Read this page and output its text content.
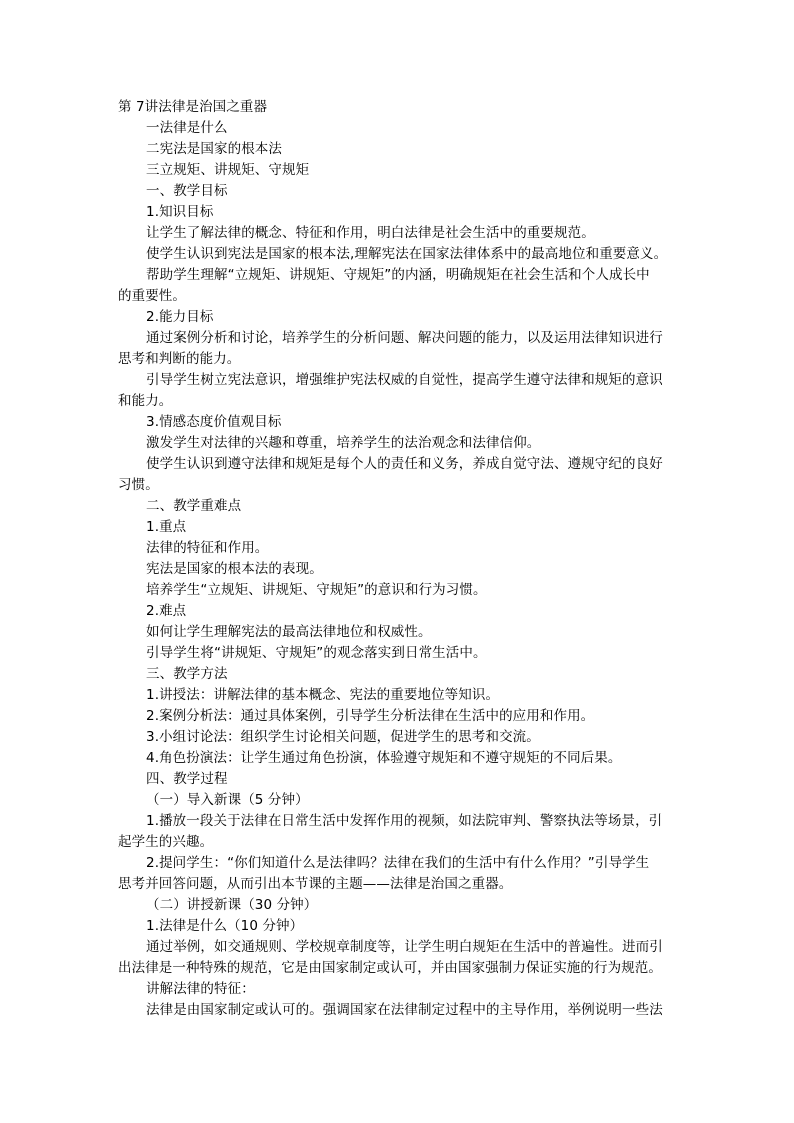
第 7讲法律是治国之重器
一法律是什么
二宪法是国家的根本法
三立规矩、讲规矩、守规矩
一、教学目标
1.知识目标
让学生了解法律的概念、特征和作用，明白法律是社会生活中的重要规范。
使学生认识到宪法是国家的根本法,理解宪法在国家法律体系中的最高地位和重要意义。
帮助学生理解“立规矩、讲规矩、守规矩”的内涵，明确规矩在社会生活和个人成长中
的重要性。
2.能力目标
通过案例分析和讨论，培养学生的分析问题、解决问题的能力，以及运用法律知识进行
思考和判断的能力。
引导学生树立宪法意识，增强维护宪法权威的自觉性，提高学生遵守法律和规矩的意识
和能力。
3.情感态度价值观目标
激发学生对法律的兴趣和尊重，培养学生的法治观念和法律信仰。
使学生认识到遵守法律和规矩是每个人的责任和义务，养成自觉守法、遵规守纪的良好
习惯。
二、教学重难点
1.重点
法律的特征和作用。
宪法是国家的根本法的表现。
培养学生“立规矩、讲规矩、守规矩”的意识和行为习惯。
2.难点
如何让学生理解宪法的最高法律地位和权威性。
引导学生将“讲规矩、守规矩”的观念落实到日常生活中。
三、教学方法
1.讲授法：讲解法律的基本概念、宪法的重要地位等知识。
2.案例分析法：通过具体案例，引导学生分析法律在生活中的应用和作用。
3.小组讨论法：组织学生讨论相关问题，促进学生的思考和交流。
4.角色扮演法：让学生通过角色扮演，体验遵守规矩和不遵守规矩的不同后果。
四、教学过程
（一）导入新课（5 分钟）
1.播放一段关于法律在日常生活中发挥作用的视频，如法院审判、警察执法等场景，引
起学生的兴趣。
2.提问学生：“你们知道什么是法律吗？法律在我们的生活中有什么作用？”引导学生
思考并回答问题，从而引出本节课的主题——法律是治国之重器。
（二）讲授新课（30 分钟）
1.法律是什么（10 分钟）
通过举例，如交通规则、学校规章制度等，让学生明白规矩在生活中的普遍性。进而引
出法律是一种特殊的规范，它是由国家制定或认可，并由国家强制力保证实施的行为规范。
讲解法律的特征：
法律是由国家制定或认可的。强调国家在法律制定过程中的主导作用，举例说明一些法
